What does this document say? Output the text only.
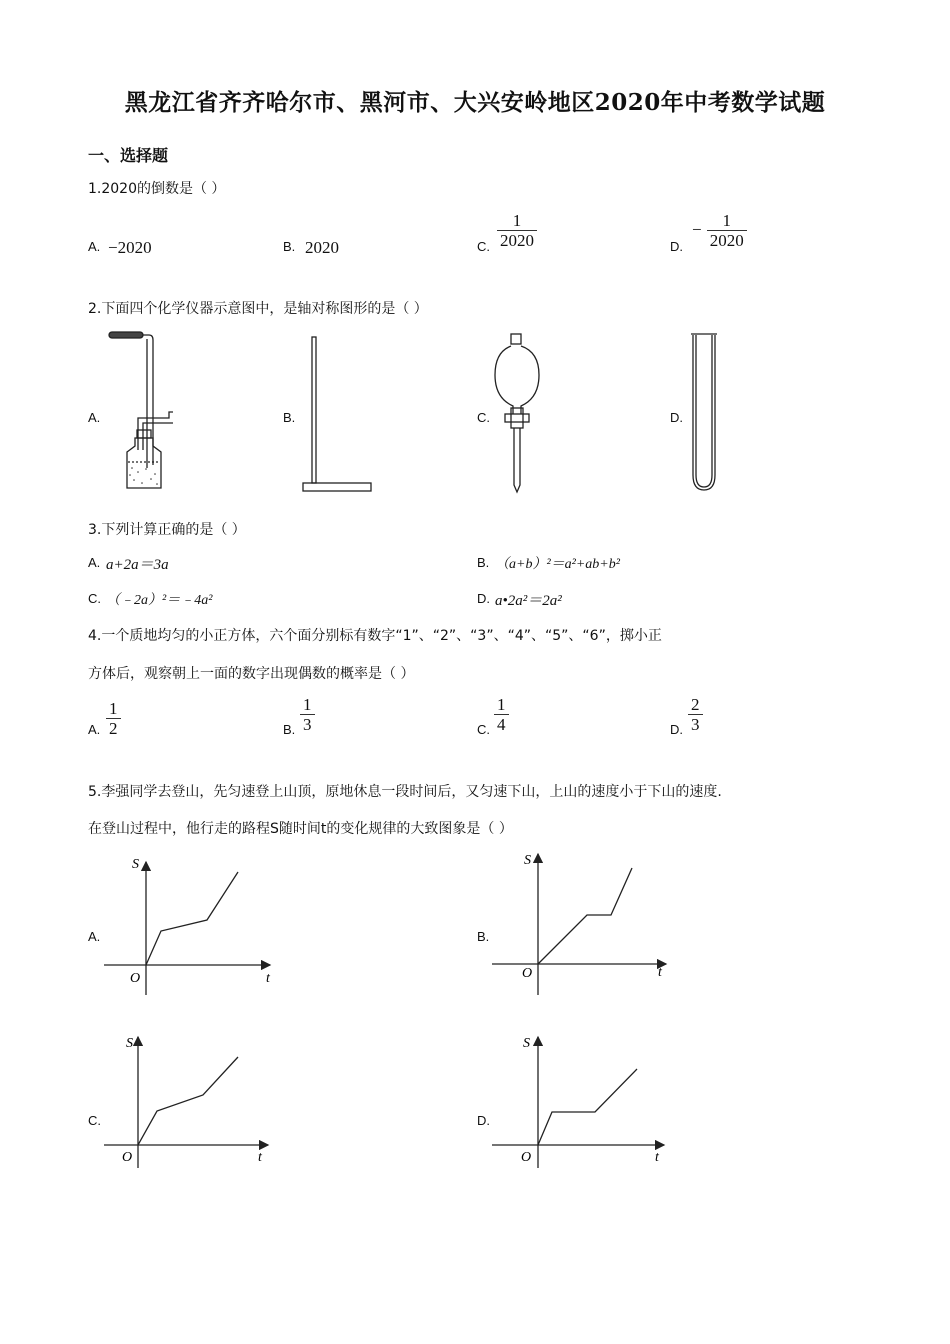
黑龙江省齐齐哈尔市、黑河市、大兴安岭地区2020年中考数学试题
一、选择题
1.2020的倒数是（ ）
A. −2020	B. 2020	C. $\frac{1}{2020}$	D.
− $\frac{1}{2020}$
2.下面四个化学仪器示意图中，是轴对称图形的是（ ）
A.	B.	C.	D.
3.下列计算正确的是（ ）
A. a+2a＝3a	B. （a+b）²＝a²+ab+b²
C. （﹣2a）²＝﹣4a²	D. a•2a²＝2a²
4.一个质地均匀的小正方体，六个面分别标有数字“1”、“2”、“3”、“4”、“5”、“6”，掷小正
方体后，观察朝上一面的数字出现偶数的概率是（ ）
A. $\frac{1}{2}$	B. $\frac{1}{3}$	C. $\frac{1}{4}$	D. $\frac{2}{3}$
5.李强同学去登山，先匀速登上山顶，原地休息一段时间后，又匀速下山，上山的速度小于下山的速度.
在登山过程中，他行走的路程S随时间t的变化规律的大致图象是（ ）
A.	B.
C.	D.
S
O	t
S
O	t
S
O	t
S
O	t
